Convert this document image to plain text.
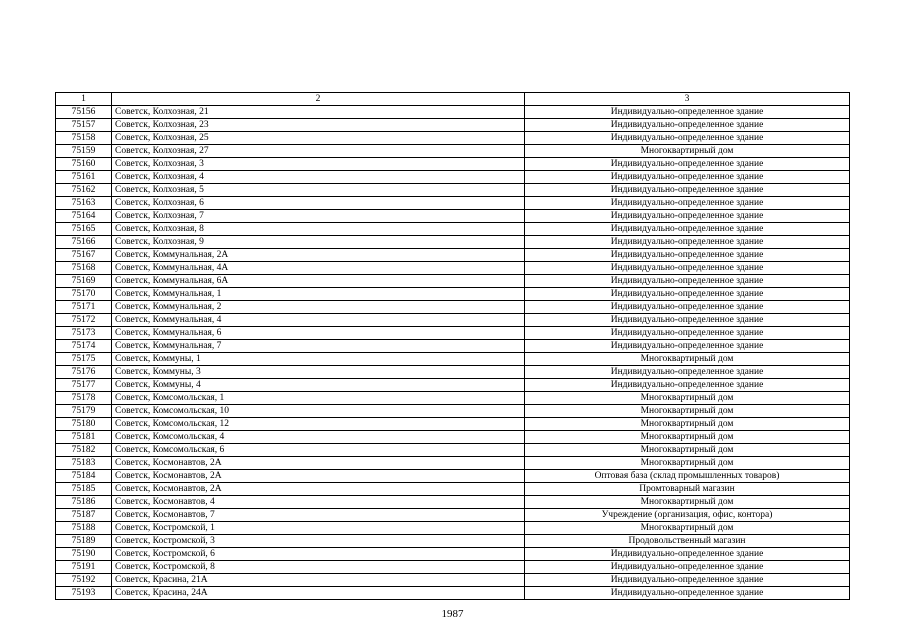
1	2	3
75156	Советск, Колхозная, 21	Индивидуально-определенное здание
75157	Советск, Колхозная, 23	Индивидуально-определенное здание
75158	Советск, Колхозная, 25	Индивидуально-определенное здание
75159	Советск, Колхозная, 27	Многоквартирный дом
75160	Советск, Колхозная, 3	Индивидуально-определенное здание
75161	Советск, Колхозная, 4	Индивидуально-определенное здание
75162	Советск, Колхозная, 5	Индивидуально-определенное здание
75163	Советск, Колхозная, 6	Индивидуально-определенное здание
75164	Советск, Колхозная, 7	Индивидуально-определенное здание
75165	Советск, Колхозная, 8	Индивидуально-определенное здание
75166	Советск, Колхозная, 9	Индивидуально-определенное здание
75167	Советск, Коммунальная, 2А	Индивидуально-определенное здание
75168	Советск, Коммунальная, 4А	Индивидуально-определенное здание
75169	Советск, Коммунальная, 6А	Индивидуально-определенное здание
75170	Советск, Коммунальная, 1	Индивидуально-определенное здание
75171	Советск, Коммунальная, 2	Индивидуально-определенное здание
75172	Советск, Коммунальная, 4	Индивидуально-определенное здание
75173	Советск, Коммунальная, 6	Индивидуально-определенное здание
75174	Советск, Коммунальная, 7	Индивидуально-определенное здание
75175	Советск, Коммуны, 1	Многоквартирный дом
75176	Советск, Коммуны, 3	Индивидуально-определенное здание
75177	Советск, Коммуны, 4	Индивидуально-определенное здание
75178	Советск, Комсомольская, 1	Многоквартирный дом
75179	Советск, Комсомольская, 10	Многоквартирный дом
75180	Советск, Комсомольская, 12	Многоквартирный дом
75181	Советск, Комсомольская, 4	Многоквартирный дом
75182	Советск, Комсомольская, 6	Многоквартирный дом
75183	Советск, Космонавтов, 2А	Многоквартирный дом
75184	Советск, Космонавтов, 2А	Оптовая база (склад промышленных товаров)
75185	Советск, Космонавтов, 2А	Промтоварный магазин
75186	Советск, Космонавтов, 4	Многоквартирный дом
75187	Советск, Космонавтов, 7	Учреждение (организация, офис, контора)
75188	Советск, Костромской, 1	Многоквартирный дом
75189	Советск, Костромской, 3	Продовольственный магазин
75190	Советск, Костромской, 6	Индивидуально-определенное здание
75191	Советск, Костромской, 8	Индивидуально-определенное здание
75192	Советск, Красина, 21А	Индивидуально-определенное здание
75193	Советск, Красина, 24А	Индивидуально-определенное здание
1987
